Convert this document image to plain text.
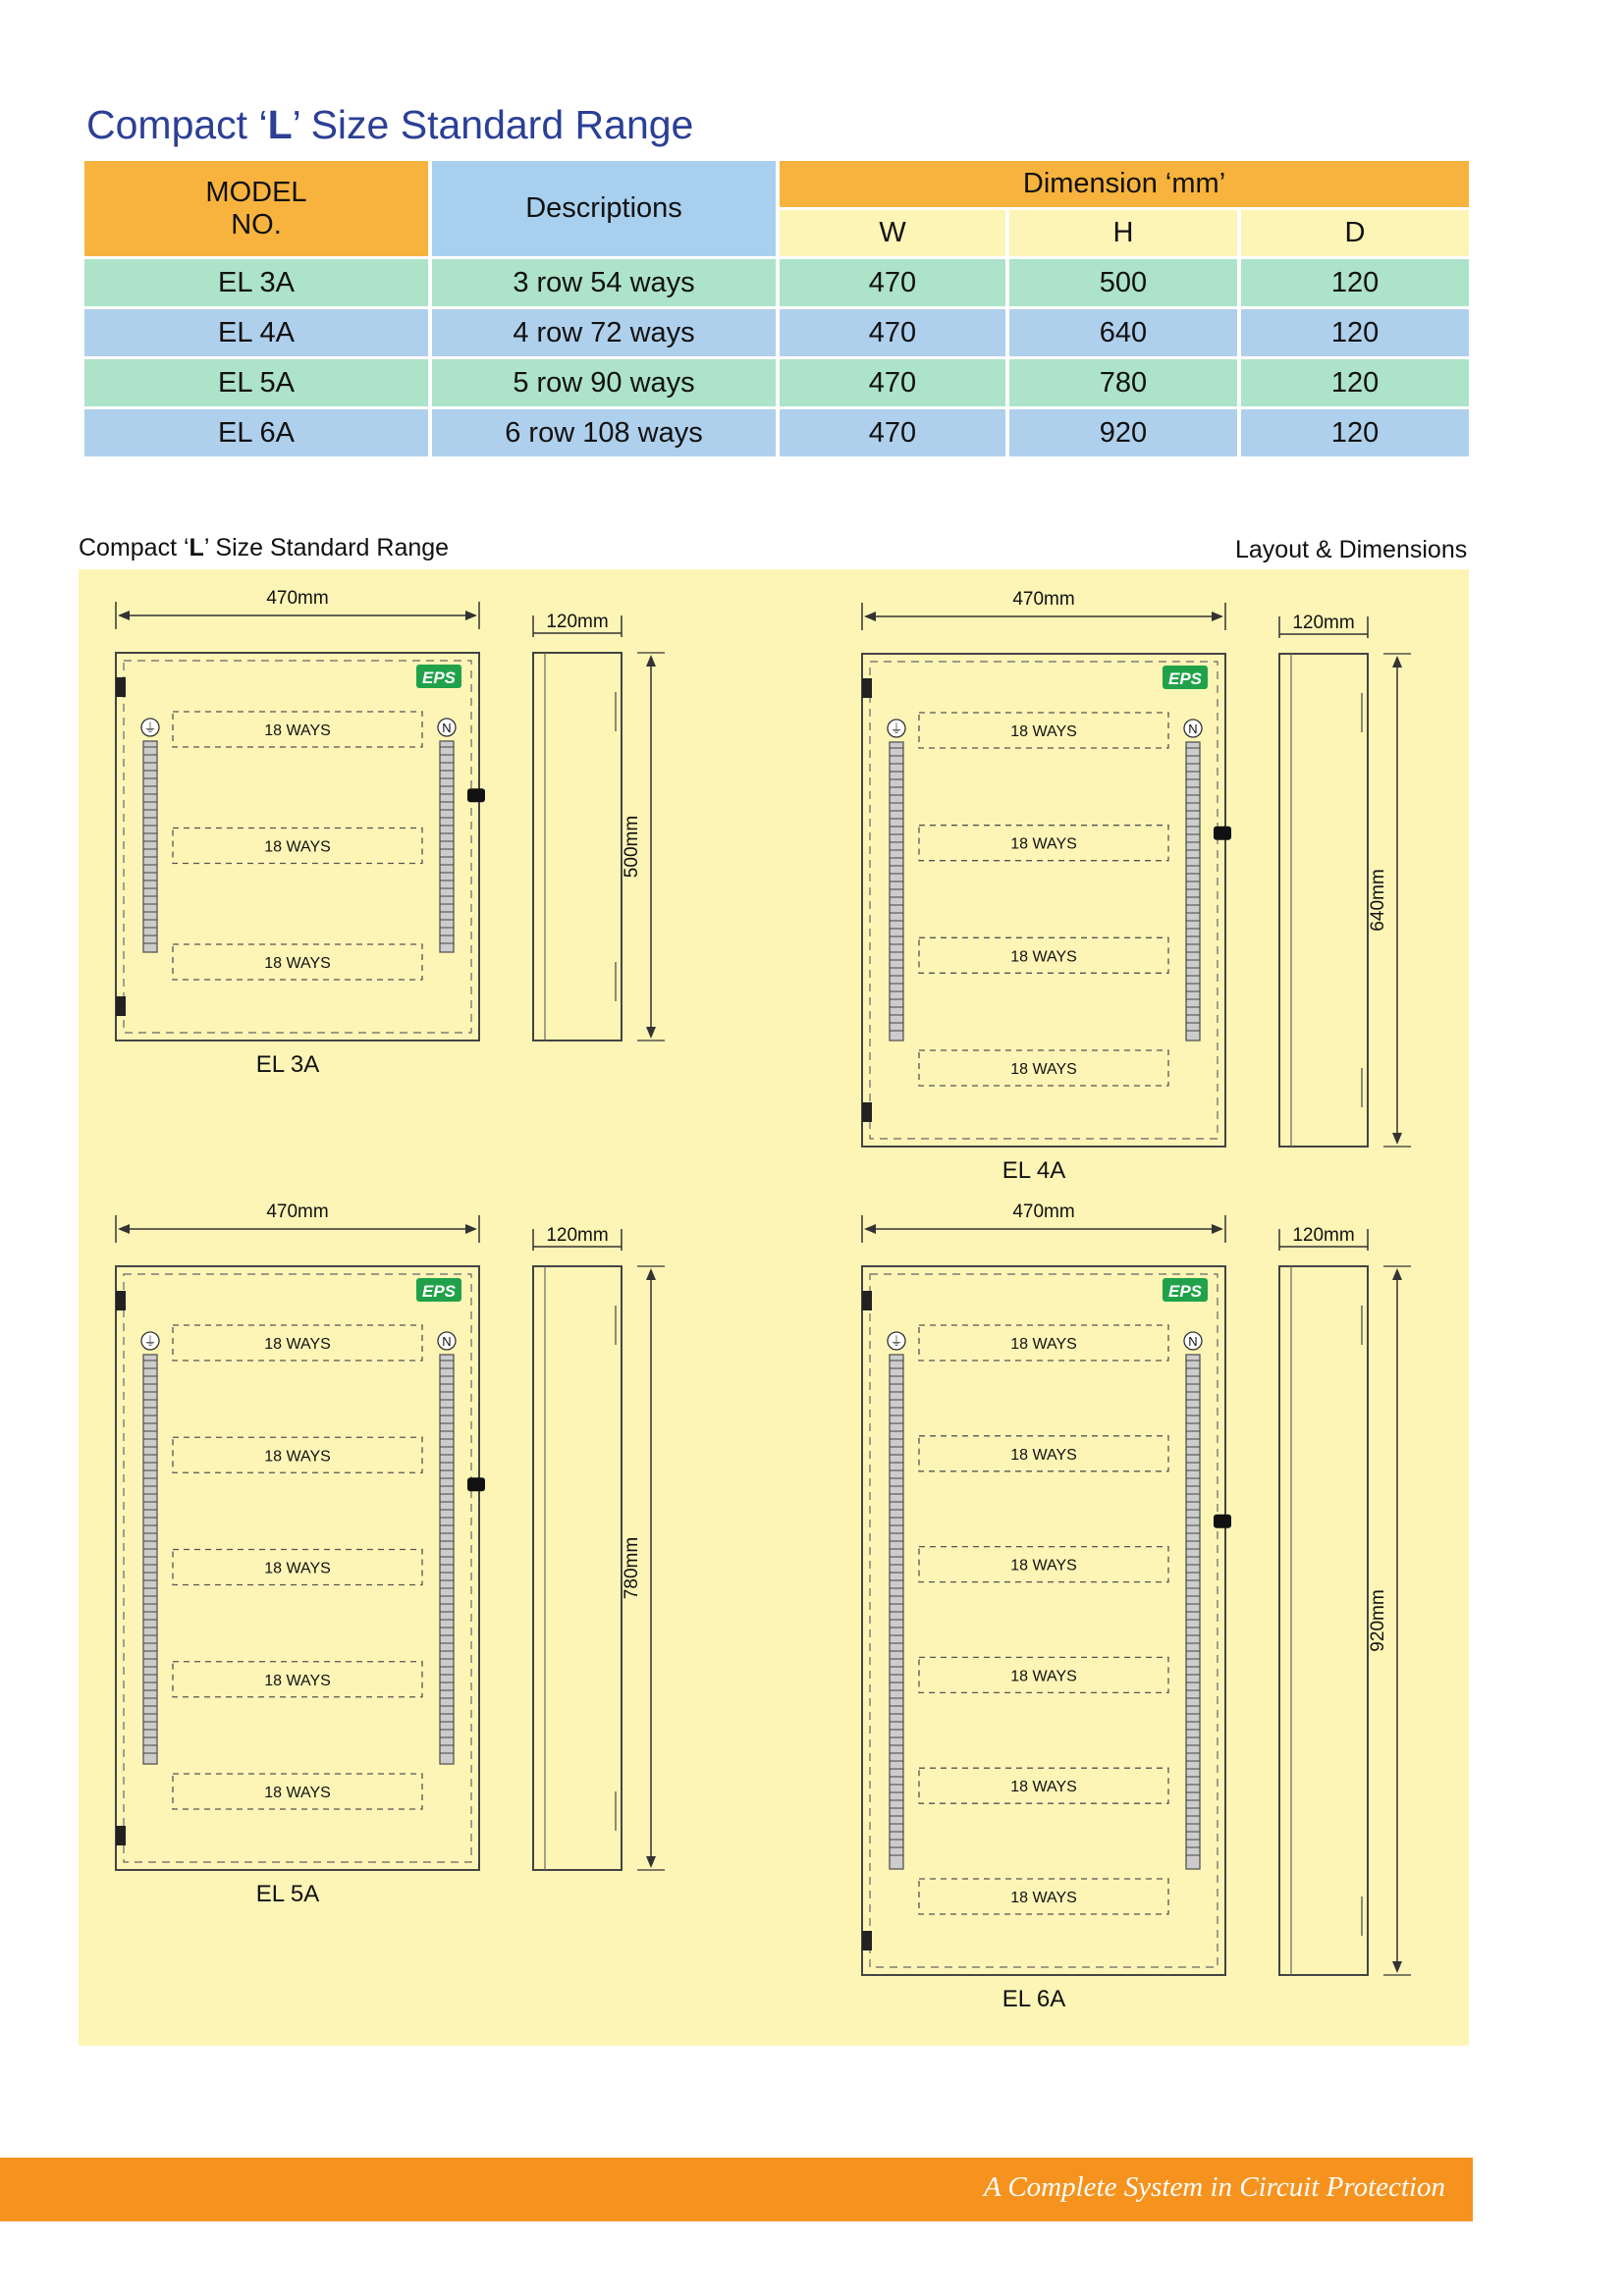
Compact ‘L’ Size Standard Range
MODEL
NO.	Descriptions	Dimension ‘mm’		
		W	H	D
EL 3A	3 row 54 ways	470	500	120
EL 4A	4 row 72 ways	470	640	120
EL 5A	5 row 90 ways	470	780	120
EL 6A	6 row 108 ways	470	920	120
Compact ‘L’ Size Standard Range	Layout & Dimensions
470mm
EPS
18 WAYS
18 WAYS
18 WAYS
⏚	N
EL 3A
120mm
500mm
470mm
EPS
18 WAYS
18 WAYS
18 WAYS
18 WAYS
⏚	N
EL 4A
120mm
640mm
470mm
EPS
18 WAYS
18 WAYS
18 WAYS
18 WAYS
18 WAYS
⏚	N
EL 5A
120mm
780mm
470mm
EPS
18 WAYS
18 WAYS
18 WAYS
18 WAYS
18 WAYS
18 WAYS
⏚	N
EL 6A
120mm
920mm
A Complete System in Circuit Protection
